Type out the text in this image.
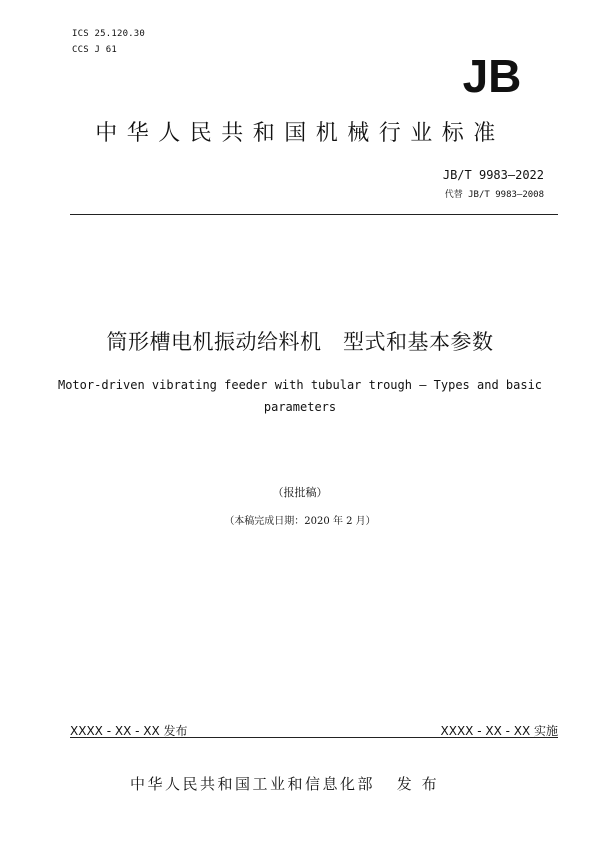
ICS 25.120.30
CCS J 61	JB
中华人民共和国机械行业标准
JB/T 9983—2022
代替 JB/T 9983—2008
筒形槽电机振动给料机   型式和基本参数
Motor-driven vibrating feeder with tubular trough — Types and basic
parameters
（报批稿）
（本稿完成日期：2020 年 2 月）
XXXX - XX - XX 发布	XXXX - XX - XX 实施
中华人民共和国工业和信息化部   发 布
